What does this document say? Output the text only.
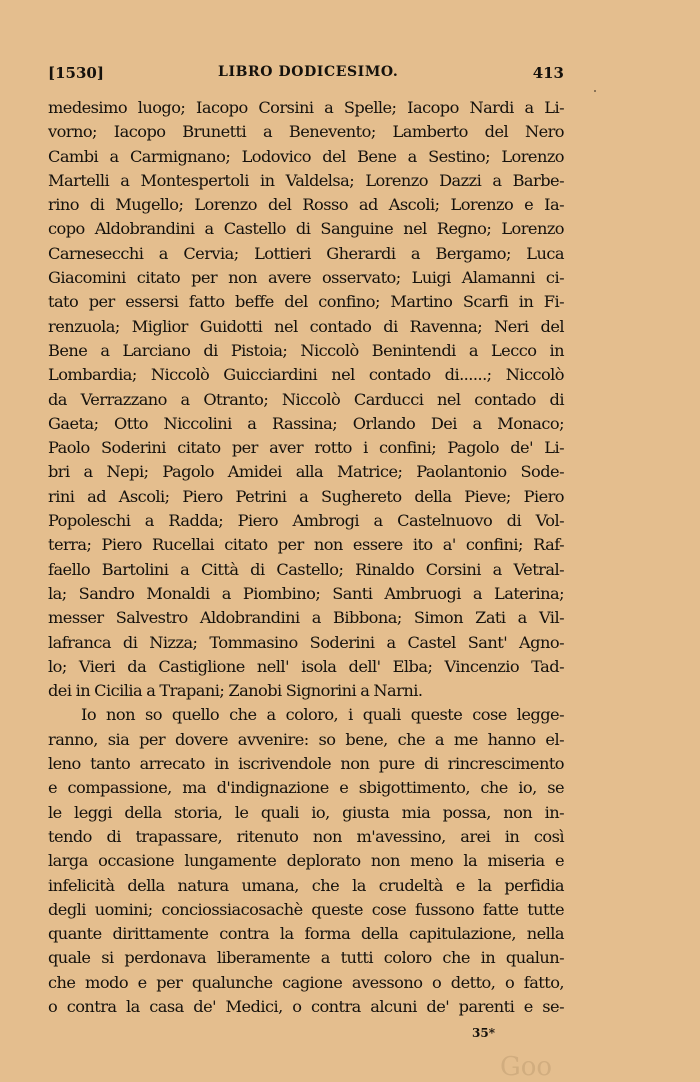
[1530]	LIBRO DODICESIMO.	413
medesimo luogo; Iacopo Corsini a Spelle; Iacopo Nardi a Li-
vorno; Iacopo Brunetti a Benevento; Lamberto del Nero
Cambi a Carmignano; Lodovico del Bene a Sestino; Lorenzo
Martelli a Montespertoli in Valdelsa; Lorenzo Dazzi a Barbe-
rino di Mugello; Lorenzo del Rosso ad Ascoli; Lorenzo e Ia-
copo Aldobrandini a Castello di Sanguine nel Regno; Lorenzo
Carnesecchi a Cervia; Lottieri Gherardi a Bergamo; Luca
Giacomini citato per non avere osservato; Luigi Alamanni ci-
tato per essersi fatto beffe del confino; Martino Scarfi in Fi-
renzuola; Miglior Guidotti nel contado di Ravenna; Neri del
Bene a Larciano di Pistoia; Niccolò Benintendi a Lecco in
Lombardia; Niccolò Guicciardini nel contado di......; Niccolò
da Verrazzano a Otranto; Niccolò Carducci nel contado di
Gaeta; Otto Niccolini a Rassina; Orlando Dei a Monaco;
Paolo Soderini citato per aver rotto i confini; Pagolo de' Li-
bri a Nepi; Pagolo Amidei alla Matrice; Paolantonio Sode-
rini ad Ascoli; Piero Petrini a Sughereto della Pieve; Piero
Popoleschi a Radda; Piero Ambrogi a Castelnuovo di Vol-
terra; Piero Rucellai citato per non essere ito a' confini; Raf-
faello Bartolini a Città di Castello; Rinaldo Corsini a Vetral-
la; Sandro Monaldi a Piombino; Santi Ambruogi a Laterina;
messer Salvestro Aldobrandini a Bibbona; Simon Zati a Vil-
lafranca di Nizza; Tommasino Soderini a Castel Sant' Agno-
lo; Vieri da Castiglione nell' isola dell' Elba; Vincenzio Tad-
dei in Cicilia a Trapani; Zanobi Signorini a Narni.
Io non so quello che a coloro, i quali queste cose legge-
ranno, sia per dovere avvenire: so bene, che a me hanno el-
leno tanto arrecato in iscrivendole non pure di rincrescimento
e compassione, ma d'indignazione e sbigottimento, che io, se
le leggi della storia, le quali io, giusta mia possa, non in-
tendo di trapassare, ritenuto non m'avessino, arei in così
larga occasione lungamente deplorato non meno la miseria e
infelicità della natura umana, che la crudeltà e la perfidia
degli uomini; conciossiacosachè queste cose fussono fatte tutte
quante dirittamente contra la forma della capitulazione, nella
quale si perdonava liberamente a tutti coloro che in qualun-
che modo e per qualunche cagione avessono o detto, o fatto,
o contra la casa de' Medici, o contra alcuni de' parenti e se-
35*
Goo
